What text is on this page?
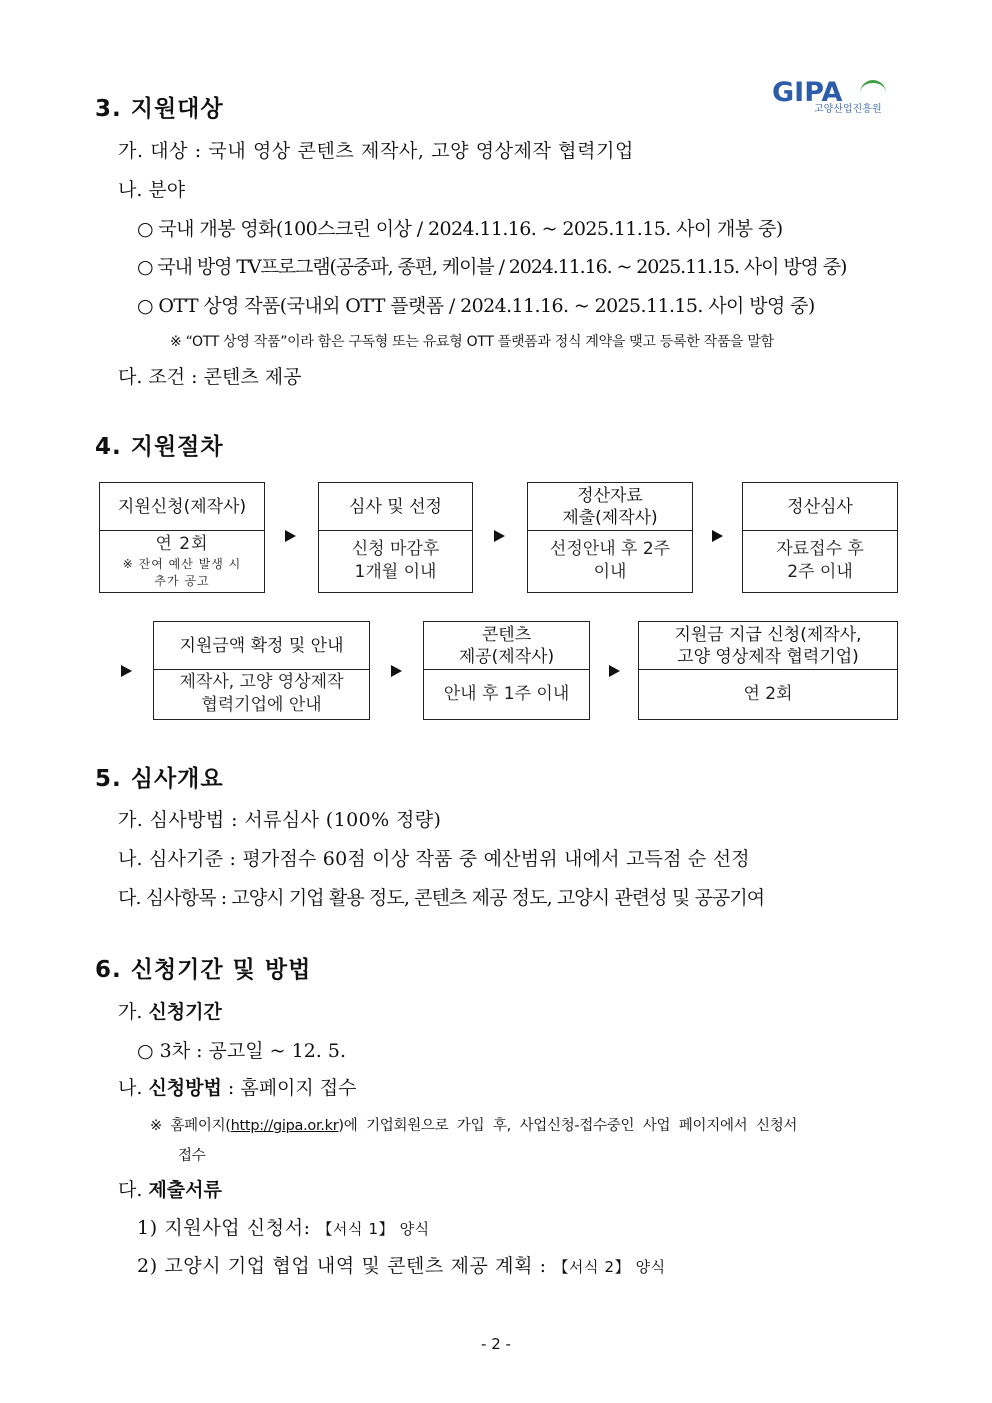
GIPA
고양산업진흥원
3. 지원대상
가. 대상 : 국내 영상 콘텐츠 제작사, 고양 영상제작 협력기업
나. 분야
○ 국내 개봉 영화(100스크린 이상 / 2024.11.16. ~ 2025.11.15. 사이 개봉 중)
○ 국내 방영 TV프로그램(공중파, 종편, 케이블 / 2024.11.16. ~ 2025.11.15. 사이 방영 중)
○ OTT 상영 작품(국내외 OTT 플랫폼 / 2024.11.16. ~ 2025.11.15. 사이 방영 중)
※ “OTT 상영 작품”이라 함은 구독형 또는 유료형 OTT 플랫폼과 정식 계약을 맺고 등록한 작품을 말함
다. 조건 : 콘텐츠 제공
4. 지원절차
지원신청(제작사)
연 2회
※ 잔여 예산 발생 시
추가 공고
심사 및 선정
신청 마감후
1개월 이내
정산자료
제출(제작사)
선정안내 후 2주
이내
정산심사
자료접수 후
2주 이내
지원금액 확정 및 안내
제작사, 고양 영상제작
협력기업에 안내
콘텐츠
제공(제작사)
안내 후 1주 이내
지원금 지급 신청(제작사,
고양 영상제작 협력기업)
연 2회
5. 심사개요
가. 심사방법 : 서류심사 (100% 정량)
나. 심사기준 : 평가점수 60점 이상 작품 중 예산범위 내에서 고득점 순 선정
다. 심사항목 : 고양시 기업 활용 정도, 콘텐츠 제공 정도, 고양시 관련성 및 공공기여
6. 신청기간 및 방법
가. 신청기간
○ 3차 : 공고일 ~ 12. 5.
나. 신청방법 : 홈페이지 접수
※  홈페이지(http://gipa.or.kr)에  기업회원으로  가입  후,  사업신청-접수중인  사업  페이지에서  신청서
접수
다. 제출서류
1) 지원사업 신청서: 【서식 1】 양식
2) 고양시 기업 협업 내역 및 콘텐츠 제공 계획 : 【서식 2】 양식
- 2 -
